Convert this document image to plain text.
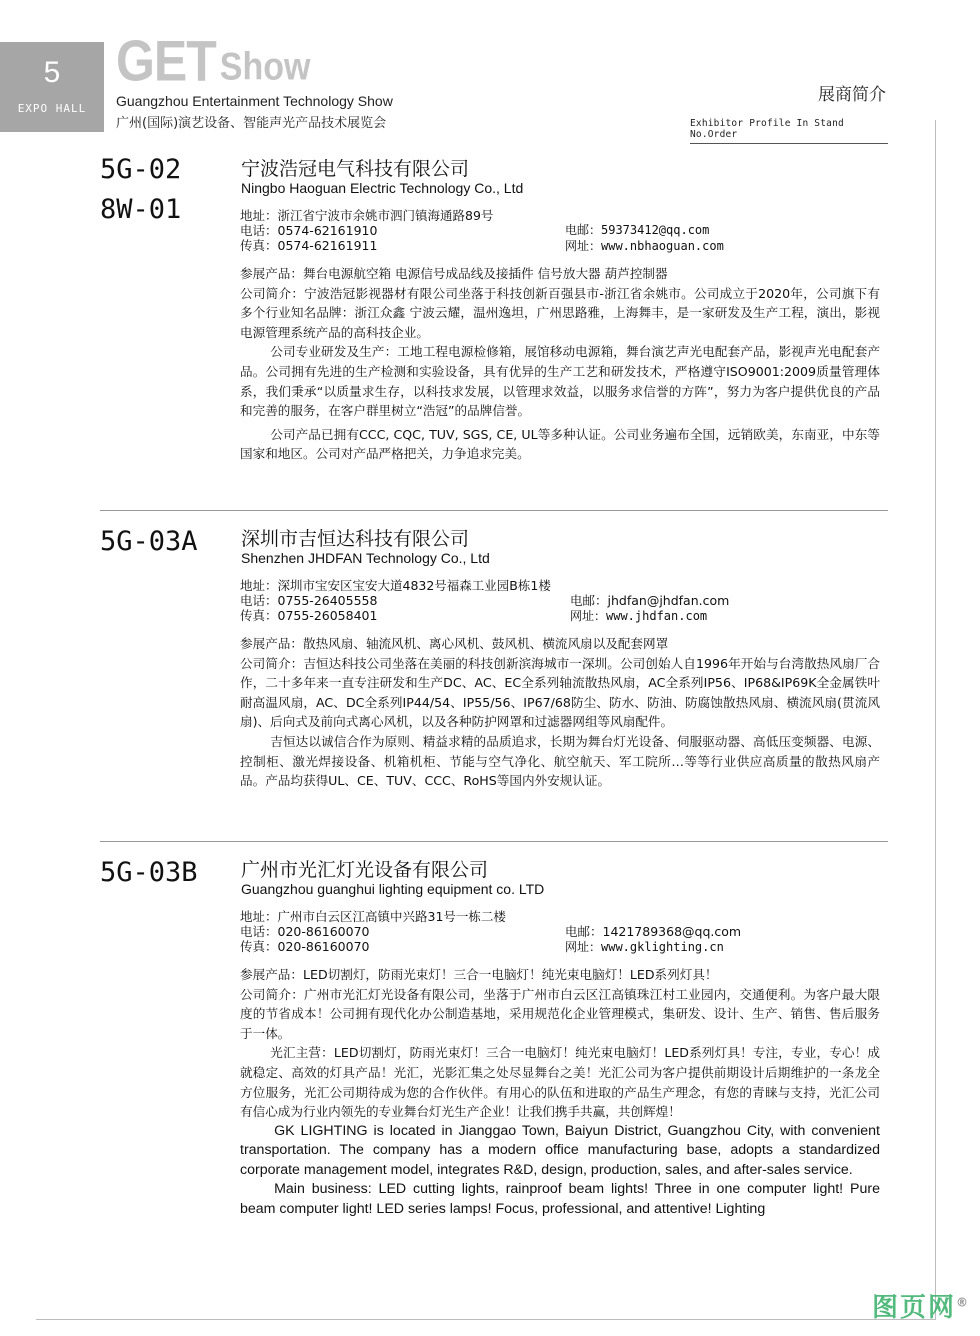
5
EXPO HALL
GET Show
Guangzhou Entertainment Technology Show
广州(国际)演艺设备、智能声光产品技术展览会
展商简介
Exhibitor Profile In Stand No.Order
5G-02
8W-01
宁波浩冠电气科技有限公司
Ningbo Haoguan Electric Technology Co., Ltd
地址：浙江省宁波市余姚市泗门镇海通路89号
电话：0574-62161910
传真：0574-62161911
电邮：59373412@qq.com
网址：www.nbhaoguan.com

参展产品：舞台电源航空箱 电源信号成品线及接插件 信号放大器 葫芦控制器

公司简介：宁波浩冠影视器材有限公司坐落于科技创新百强县市-浙江省余姚市。公司成立于2020年，公司旗下有多个行业知名品牌：浙江众鑫 宁波云耀，温州逸坦，广州思路雅，上海舞丰，是一家研发及生产工程，演出，影视电源管理系统产品的高科技企业。

公司专业研发及生产：工地工程电源检修箱，展馆移动电源箱，舞台演艺声光电配套产品，影视声光电配套产品。公司拥有先进的生产检测和实验设备，具有优异的生产工艺和研发技术，严格遵守ISO9001:2009质量管理体系，我们秉承“以质量求生存，以科技求发展，以管理求效益，以服务求信誉的方阵”，努力为客户提供优良的产品和完善的服务，在客户群里树立“浩冠”的品牌信誉。

公司产品已拥有CCC, CQC, TUV, SGS, CE, UL等多种认证。公司业务遍布全国，远销欧美，东南亚，中东等国家和地区。公司对产品严格把关，力争追求完美。

5G-03A 深圳市吉恒达科技有限公司
Shenzhen JHDFAN Technology Co., Ltd
地址：深圳市宝安区宝安大道4832号福森工业园B栋1楼
电话：0755-26405558
传真：0755-26058401
电邮：jhdfan@jhdfan.com
网址：www.jhdfan.com

参展产品：散热风扇、轴流风机、离心风机、鼓风机、横流风扇以及配套网罩

公司简介：吉恒达科技公司坐落在美丽的科技创新滨海城市一深圳。公司创始人自1996年开始与台湾散热风扇厂合作，二十多年来一直专注研发和生产DC、AC、EC全系列轴流散热风扇，AC全系列IP56、IP68&IP69K全金属铁叶耐高温风扇，AC、DC全系列IP44/54、IP55/56、IP67/68防尘、防水、防油、防腐蚀散热风扇、横流风扇(贯流风扇)、后向式及前向式离心风机，以及各种防护网罩和过滤器网组等风扇配件。

吉恒达以诚信合作为原则、精益求精的品质追求，长期为舞台灯光设备、伺服驱动器、高低压变频器、电源、控制柜、激光焊接设备、机箱机柜、节能与空气净化、航空航天、军工院所…等等行业供应高质量的散热风扇产品。产品均获得UL、CE、TUV、CCC、RoHS等国内外安规认证。

5G-03B 广州市光汇灯光设备有限公司
Guangzhou guanghui lighting equipment co. LTD
地址：广州市白云区江高镇中兴路31号一栋二楼
电话：020-86160070
传真：020-86160070
电邮：1421789368@qq.com
网址：www.gklighting.cn

参展产品：LED切割灯，防雨光束灯！三合一电脑灯！纯光束电脑灯！LED系列灯具！

公司简介：广州市光汇灯光设备有限公司，坐落于广州市白云区江高镇珠江村工业园内，交通便利。为客户最大限度的节省成本！公司拥有现代化办公制造基地，采用规范化企业管理模式，集研发、设计、生产、销售、售后服务于一体。

光汇主营：LED切割灯，防雨光束灯！三合一电脑灯！纯光束电脑灯！LED系列灯具！专注，专业，专心！成就稳定、高效的灯具产品！光汇，光影汇集之处尽显舞台之美！光汇公司为客户提供前期设计后期维护的一条龙全方位服务，光汇公司期待成为您的合作伙伴。有用心的队伍和进取的产品生产理念，有您的青睐与支持，光汇公司有信心成为行业内领先的专业舞台灯光生产企业！让我们携手共赢，共创辉煌！

GK LIGHTING is located in Jianggao Town, Baiyun District, Guangzhou City, with convenient transportation. The company has a modern office manufacturing base, adopts a standardized corporate management model, integrates R&D, design, production, sales, and after-sales service.

Main business: LED cutting lights, rainproof beam lights! Three in one computer light! Pure beam computer light! LED series lamps! Focus, professional, and attentive! Lighting

图页网®
